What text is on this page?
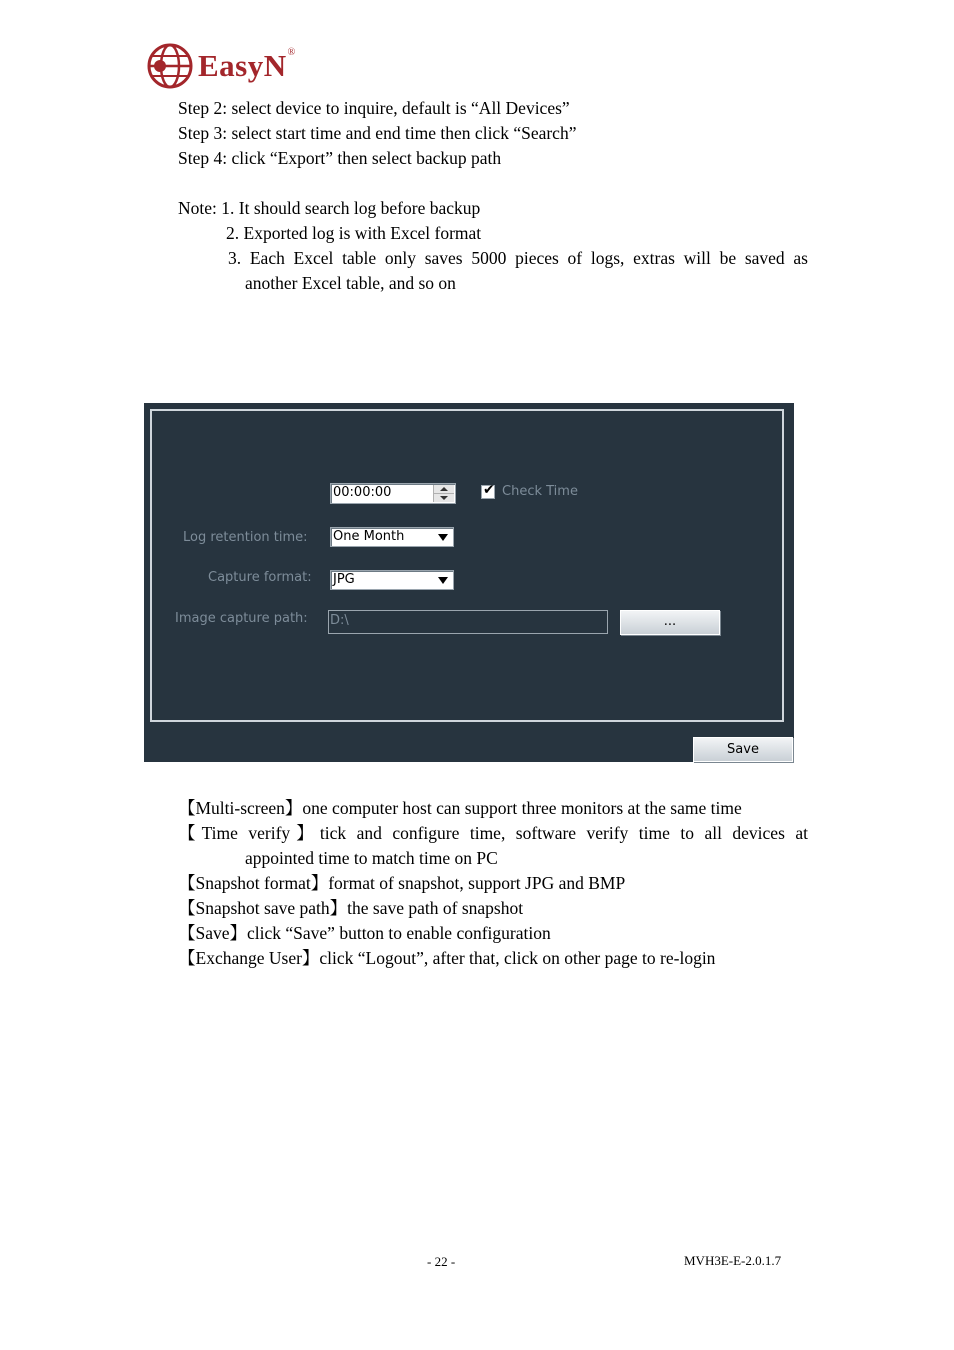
EasyN ®
Step 2: select device to inquire, default is “All Devices”
Step 3: select start time and end time then click “Search”
Step 4: click “Export” then select backup path
Note: 1. It should search log before backup
2. Exported log is with Excel format
3. Each Excel table only saves 5000 pieces of logs, extras will be saved as
another Excel table, and so on
00:00:00	✔ Check Time
Log retention time: One Month
Capture format: JPG
Image capture path: D:\	...
Save
【Multi-screen】one computer host can support three monitors at the same time
【Time verify】tick and configure time, software verify time to all devices at
appointed time to match time on PC
【Snapshot format】format of snapshot, support JPG and BMP
【Snapshot save path】the save path of snapshot
【Save】click “Save” button to enable configuration
【Exchange User】click “Logout”, after that, click on other page to re-login
- 22 -	MVH3E-E-2.0.1.7
